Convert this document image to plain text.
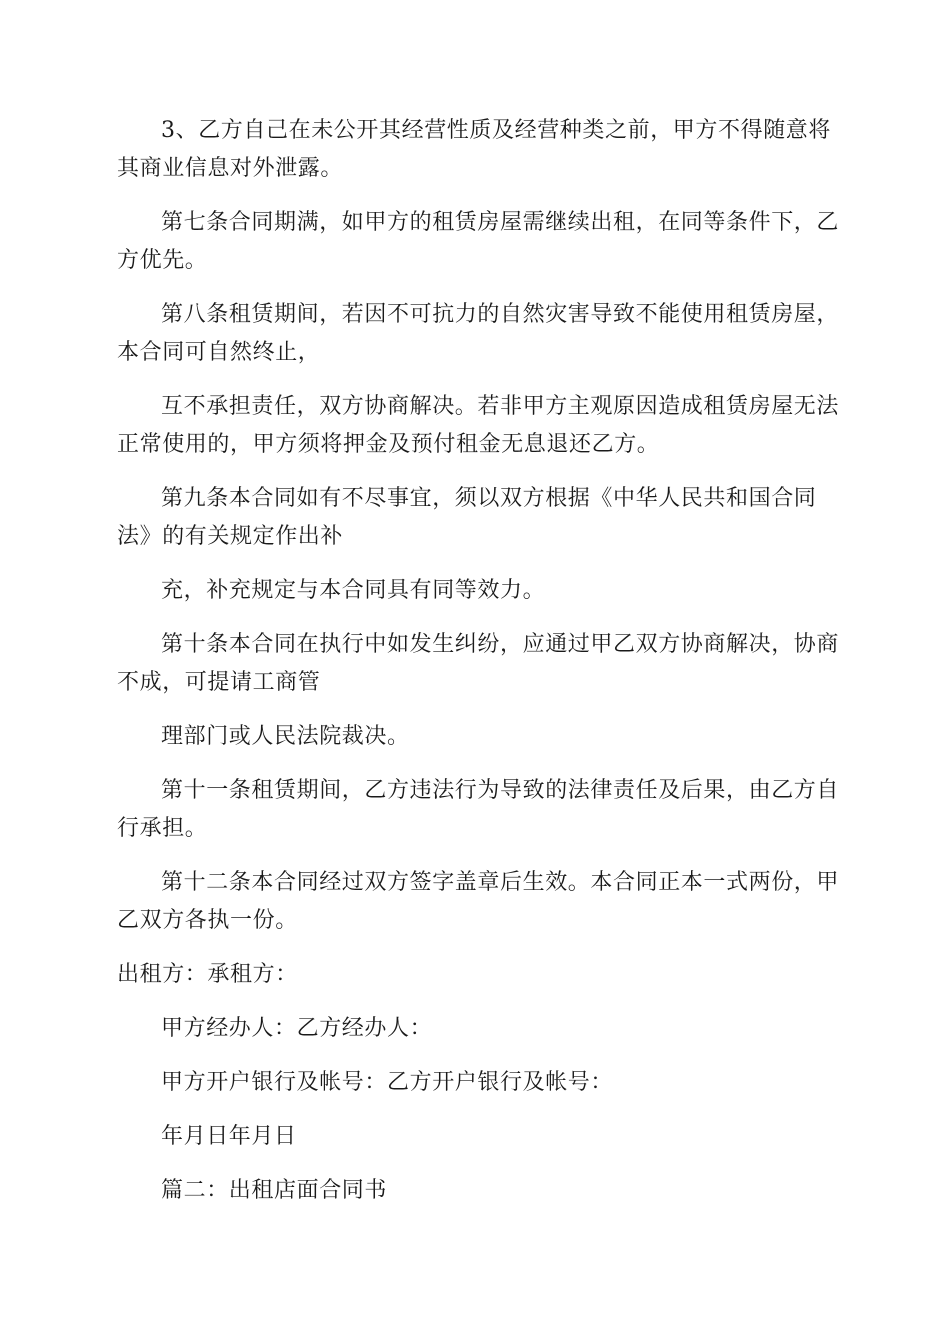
3、乙方自己在未公开其经营性质及经营种类之前，甲方不得随意将
其商业信息对外泄露。
第七条合同期满，如甲方的租赁房屋需继续出租，在同等条件下，乙
方优先。
第八条租赁期间，若因不可抗力的自然灾害导致不能使用租赁房屋，
本合同可自然终止，
互不承担责任，双方协商解决。若非甲方主观原因造成租赁房屋无法
正常使用的，甲方须将押金及预付租金无息退还乙方。
第九条本合同如有不尽事宜，须以双方根据《中华人民共和国合同
法》的有关规定作出补
充，补充规定与本合同具有同等效力。
第十条本合同在执行中如发生纠纷，应通过甲乙双方协商解决，协商
不成，可提请工商管
理部门或人民法院裁决。
第十一条租赁期间，乙方违法行为导致的法律责任及后果，由乙方自
行承担。
第十二条本合同经过双方签字盖章后生效。本合同正本一式两份，甲
乙双方各执一份。
出租方：承租方：
甲方经办人：乙方经办人：
甲方开户银行及帐号：乙方开户银行及帐号：
年月日年月日
篇二：出租店面合同书
